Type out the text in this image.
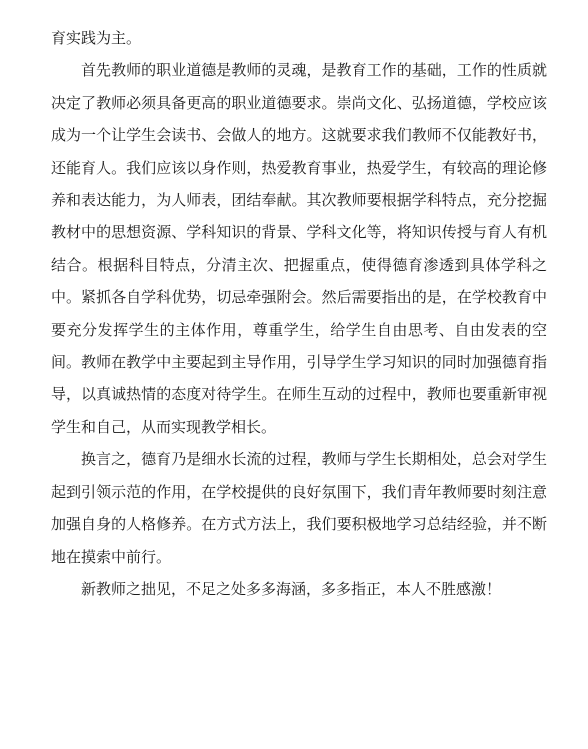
育实践为主。

首先教师的职业道德是教师的灵魂，是教育工作的基础，工作的性质就决定了教师必须具备更高的职业道德要求。崇尚文化、弘扬道德，学校应该成为一个让学生会读书、会做人的地方。这就要求我们教师不仅能教好书，还能育人。我们应该以身作则，热爱教育事业，热爱学生，有较高的理论修养和表达能力，为人师表，团结奉献。其次教师要根据学科特点，充分挖掘教材中的思想资源、学科知识的背景、学科文化等，将知识传授与育人有机结合。根据科目特点，分清主次、把握重点，使得德育渗透到具体学科之中。紧抓各自学科优势，切忌牵强附会。然后需要指出的是，在学校教育中要充分发挥学生的主体作用，尊重学生，给学生自由思考、自由发表的空间。教师在教学中主要起到主导作用，引导学生学习知识的同时加强德育指导，以真诚热情的态度对待学生。在师生互动的过程中，教师也要重新审视学生和自己，从而实现教学相长。

换言之，德育乃是细水长流的过程，教师与学生长期相处，总会对学生起到引领示范的作用，在学校提供的良好氛围下，我们青年教师要时刻注意加强自身的人格修养。在方式方法上，我们要积极地学习总结经验，并不断地在摸索中前行。

新教师之拙见，不足之处多多海涵，多多指正，本人不胜感激！
